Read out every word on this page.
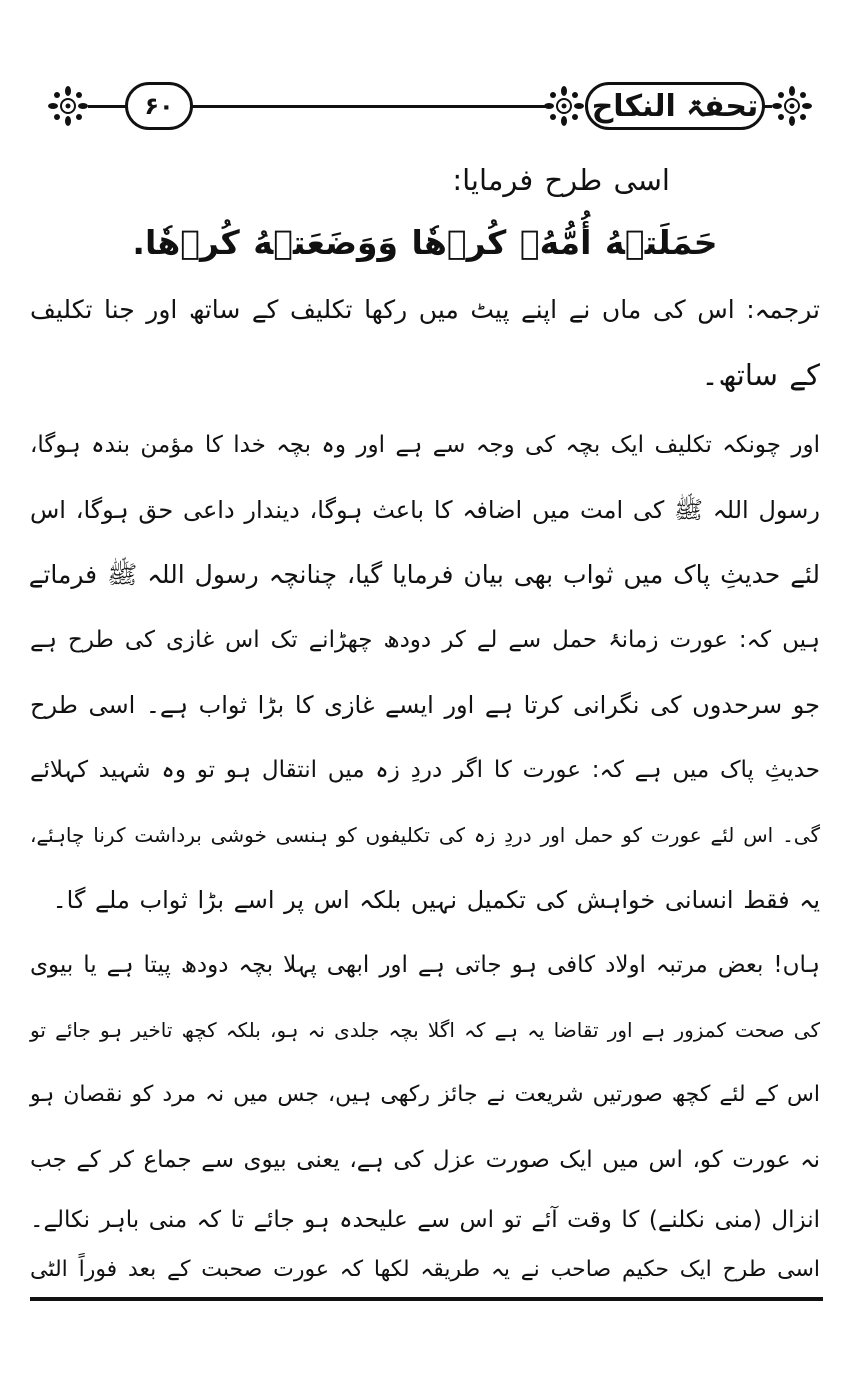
۶۰	تحفۃ النکاح
اسی طرح فرمایا:
حَمَلَتۡهُ أُمُّهُۥ كُرۡهٗا وَوَضَعَتۡهُ كُرۡهٗا.
ترجمہ: اس کی ماں نے اپنے پیٹ میں رکھا تکلیف کے ساتھ اور جنا تکلیف
کے ساتھ۔
اور چونکہ تکلیف ایک بچہ کی وجہ سے ہے اور وہ بچہ خدا کا مؤمن بندہ ہوگا،
رسول اللہ ﷺ کی امت میں اضافہ کا باعث ہوگا، دیندار داعی حق ہوگا، اس
لئے حدیثِ پاک میں ثواب بھی بیان فرمایا گیا، چنانچہ رسول اللہ ﷺ فرماتے
ہیں کہ: عورت زمانۂ حمل سے لے کر دودھ چھڑانے تک اس غازی کی طرح ہے
جو سرحدوں کی نگرانی کرتا ہے اور ایسے غازی کا بڑا ثواب ہے۔ اسی طرح
حدیثِ پاک میں ہے کہ: عورت کا اگر دردِ زہ میں انتقال ہو تو وہ شہید کہلائے
گی۔ اس لئے عورت کو حمل اور دردِ زہ کی تکلیفوں کو ہنسی خوشی برداشت کرنا چاہئے،
یہ فقط انسانی خواہش کی تکمیل نہیں بلکہ اس پر اسے بڑا ثواب ملے گا۔
ہاں! بعض مرتبہ اولاد کافی ہو جاتی ہے اور ابھی پہلا بچہ دودھ پیتا ہے یا بیوی
کی صحت کمزور ہے اور تقاضا یہ ہے کہ اگلا بچہ جلدی نہ ہو، بلکہ کچھ تاخیر ہو جائے تو
اس کے لئے کچھ صورتیں شریعت نے جائز رکھی ہیں، جس میں نہ مرد کو نقصان ہو
نہ عورت کو، اس میں ایک صورت عزل کی ہے، یعنی بیوی سے جماع کر کے جب
انزال (منی نکلنے) کا وقت آئے تو اس سے علیحدہ ہو جائے تا کہ منی باہر نکالے۔
اسی طرح ایک حکیم صاحب نے یہ طریقہ لکھا کہ عورت صحبت کے بعد فوراً الٹی
